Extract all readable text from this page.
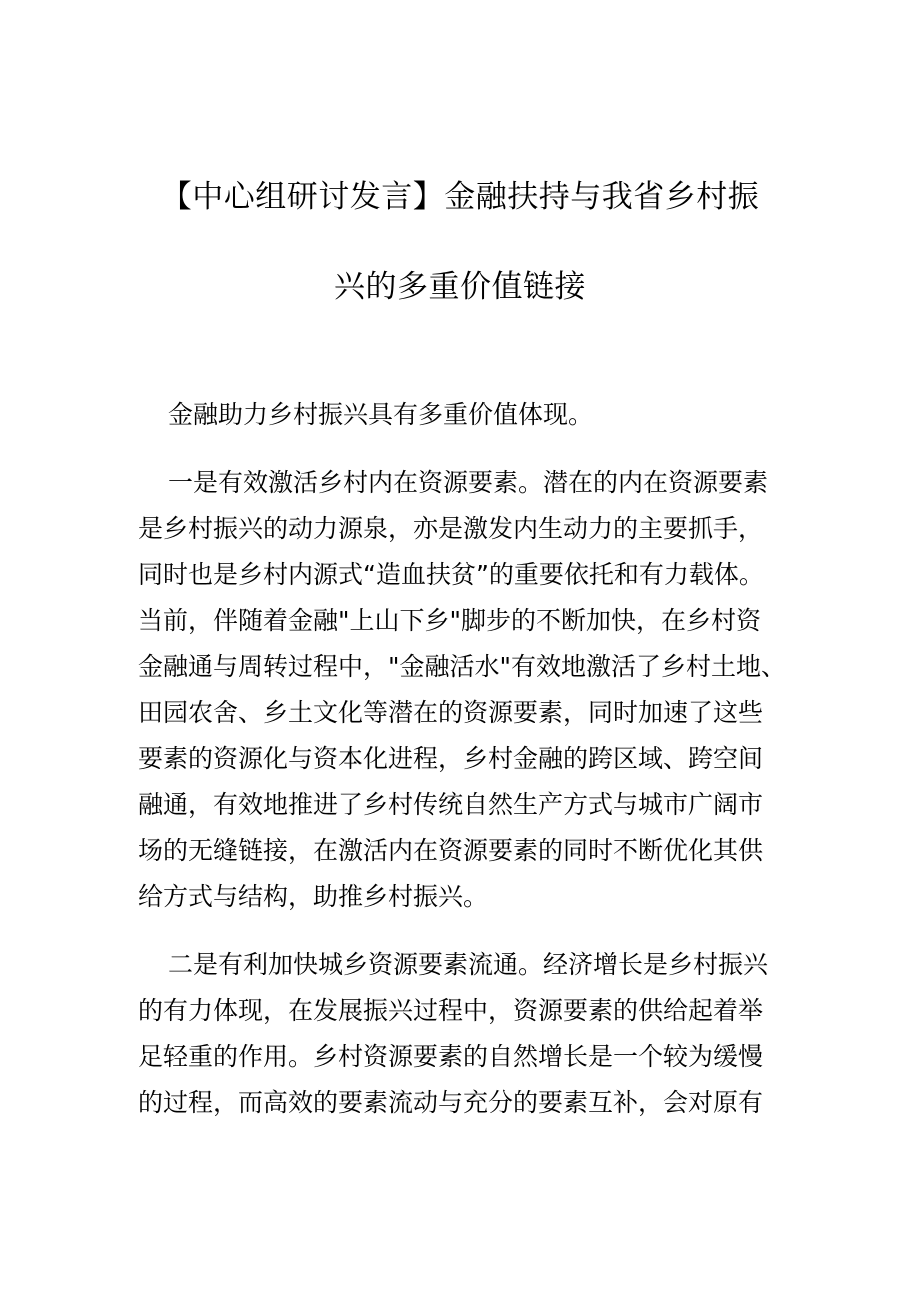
【中心组研讨发言】金融扶持与我省乡村振
兴的多重价值链接

金融助力乡村振兴具有多重价值体现。

一是有效激活乡村内在资源要素。潜在的内在资源要素
是乡村振兴的动力源泉，亦是激发内生动力的主要抓手，
同时也是乡村内源式“造血扶贫”的重要依托和有力载体。
当前，伴随着金融"上山下乡"脚步的不断加快，在乡村资
金融通与周转过程中，"金融活水"有效地激活了乡村土地、
田园农舍、乡土文化等潜在的资源要素，同时加速了这些
要素的资源化与资本化进程，乡村金融的跨区域、跨空间
融通，有效地推进了乡村传统自然生产方式与城市广阔市
场的无缝链接，在激活内在资源要素的同时不断优化其供
给方式与结构，助推乡村振兴。

二是有利加快城乡资源要素流通。经济增长是乡村振兴
的有力体现，在发展振兴过程中，资源要素的供给起着举
足轻重的作用。乡村资源要素的自然增长是一个较为缓慢
的过程，而高效的要素流动与充分的要素互补，会对原有
